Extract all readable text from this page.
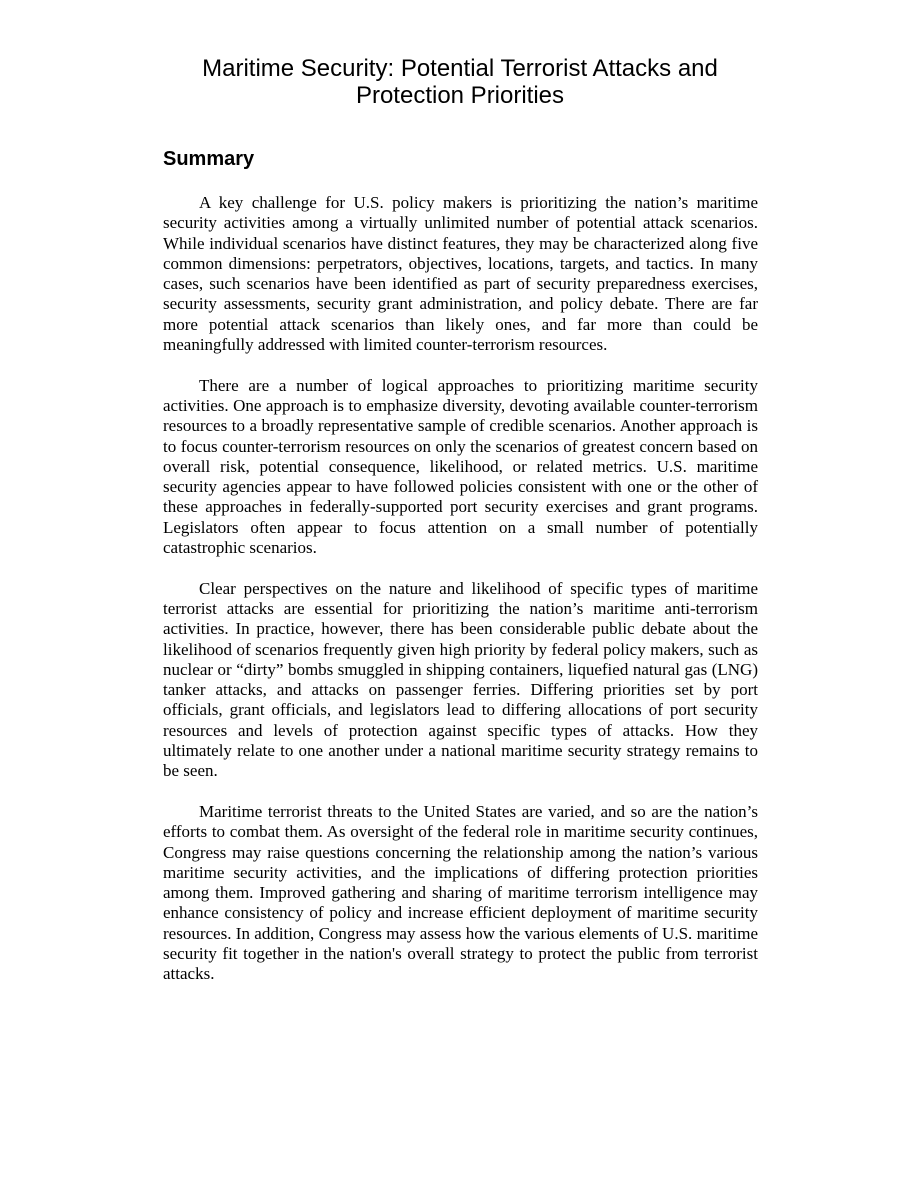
Maritime Security: Potential Terrorist Attacks and
Protection Priorities
Summary

A key challenge for U.S. policy makers is prioritizing the nation’s maritime security activities among a virtually unlimited number of potential attack scenarios. While individual scenarios have distinct features, they may be characterized along five common dimensions: perpetrators, objectives, locations, targets, and tactics. In many cases, such scenarios have been identified as part of security preparedness exercises, security assessments, security grant administration, and policy debate. There are far more potential attack scenarios than likely ones, and far more than could be meaningfully addressed with limited counter-terrorism resources.

There are a number of logical approaches to prioritizing maritime security activities. One approach is to emphasize diversity, devoting available counter-terrorism resources to a broadly representative sample of credible scenarios. Another approach is to focus counter-terrorism resources on only the scenarios of greatest concern based on overall risk, potential consequence, likelihood, or related metrics. U.S. maritime security agencies appear to have followed policies consistent with one or the other of these approaches in federally-supported port security exercises and grant programs. Legislators often appear to focus attention on a small number of potentially catastrophic scenarios.

Clear perspectives on the nature and likelihood of specific types of maritime terrorist attacks are essential for prioritizing the nation’s maritime anti-terrorism activities. In practice, however, there has been considerable public debate about the likelihood of scenarios frequently given high priority by federal policy makers, such as nuclear or “dirty” bombs smuggled in shipping containers, liquefied natural gas (LNG) tanker attacks, and attacks on passenger ferries. Differing priorities set by port officials, grant officials, and legislators lead to differing allocations of port security resources and levels of protection against specific types of attacks. How they ultimately relate to one another under a national maritime security strategy remains to be seen.

Maritime terrorist threats to the United States are varied, and so are the nation’s efforts to combat them. As oversight of the federal role in maritime security continues, Congress may raise questions concerning the relationship among the nation’s various maritime security activities, and the implications of differing protection priorities among them. Improved gathering and sharing of maritime terrorism intelligence may enhance consistency of policy and increase efficient deployment of maritime security resources. In addition, Congress may assess how the various elements of U.S. maritime security fit together in the nation's overall strategy to protect the public from terrorist attacks.
